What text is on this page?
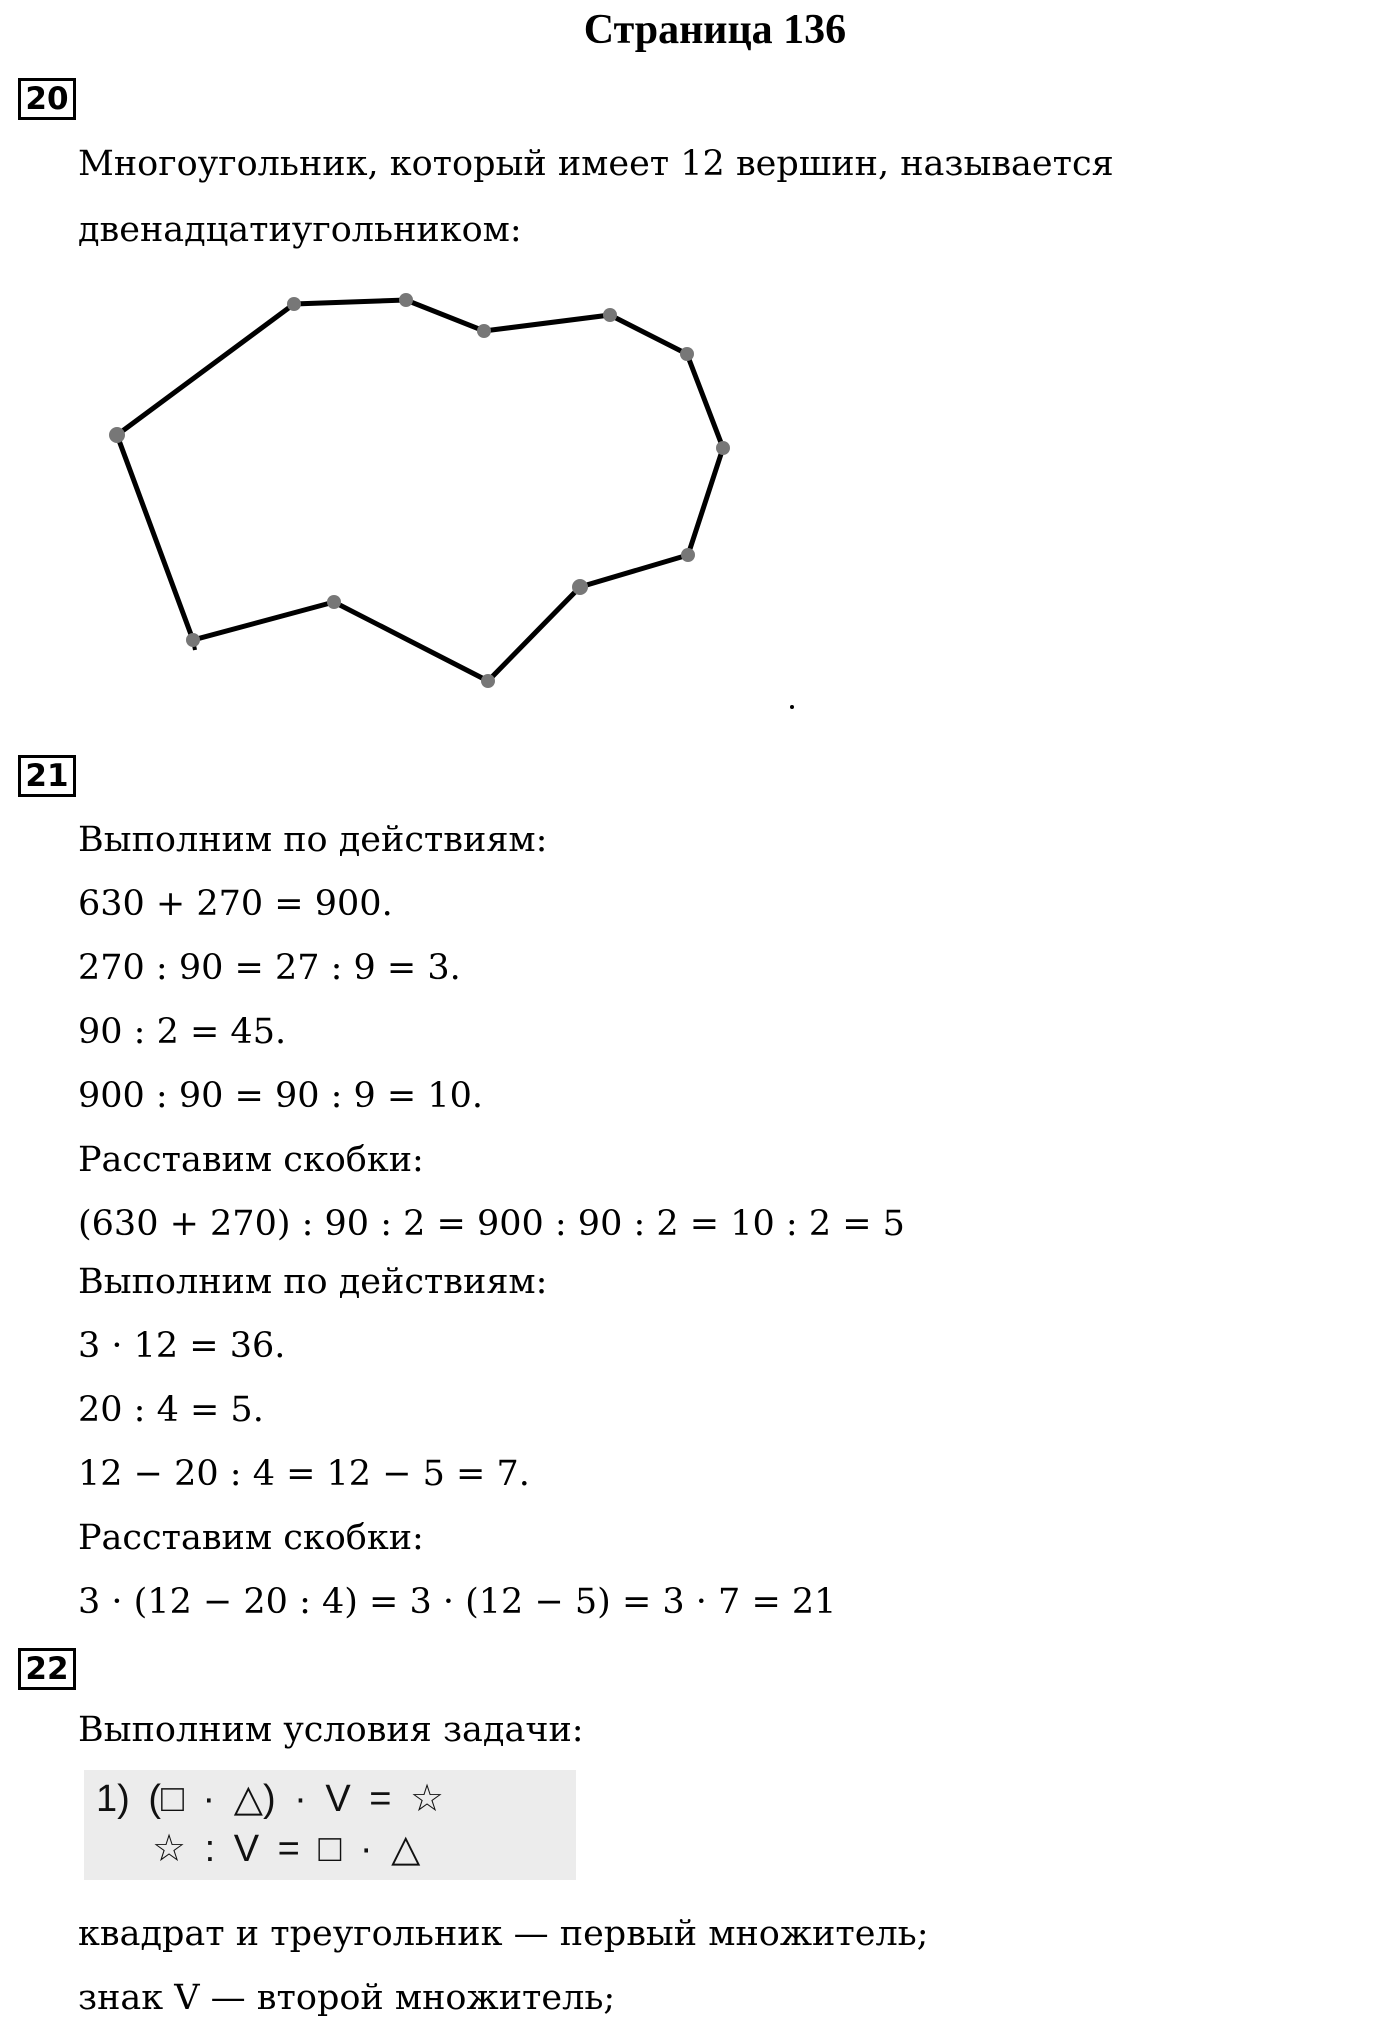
Страница 136
20
Многоугольник, который имеет 12 вершин, называется
двенадцатиугольником:
21
Выполним по действиям:
630 + 270 = 900.
270 : 90 = 27 : 9 = 3.
90 : 2 = 45.
900 : 90 = 90 : 9 = 10.
Расставим скобки:
(630 + 270) : 90 : 2 = 900 : 90 : 2 = 10 : 2 = 5
Выполним по действиям:
3 · 12 = 36.
20 : 4 = 5.
12 − 20 : 4 = 12 − 5 = 7.
Расставим скобки:
3 · (12 − 20 : 4) = 3 · (12 − 5) = 3 · 7 = 21
22
Выполним условия задачи:
1) (□ · △) · V = ☆
☆ : V = □ · △
квадрат и треугольник — первый множитель;
знак V — второй множитель;
